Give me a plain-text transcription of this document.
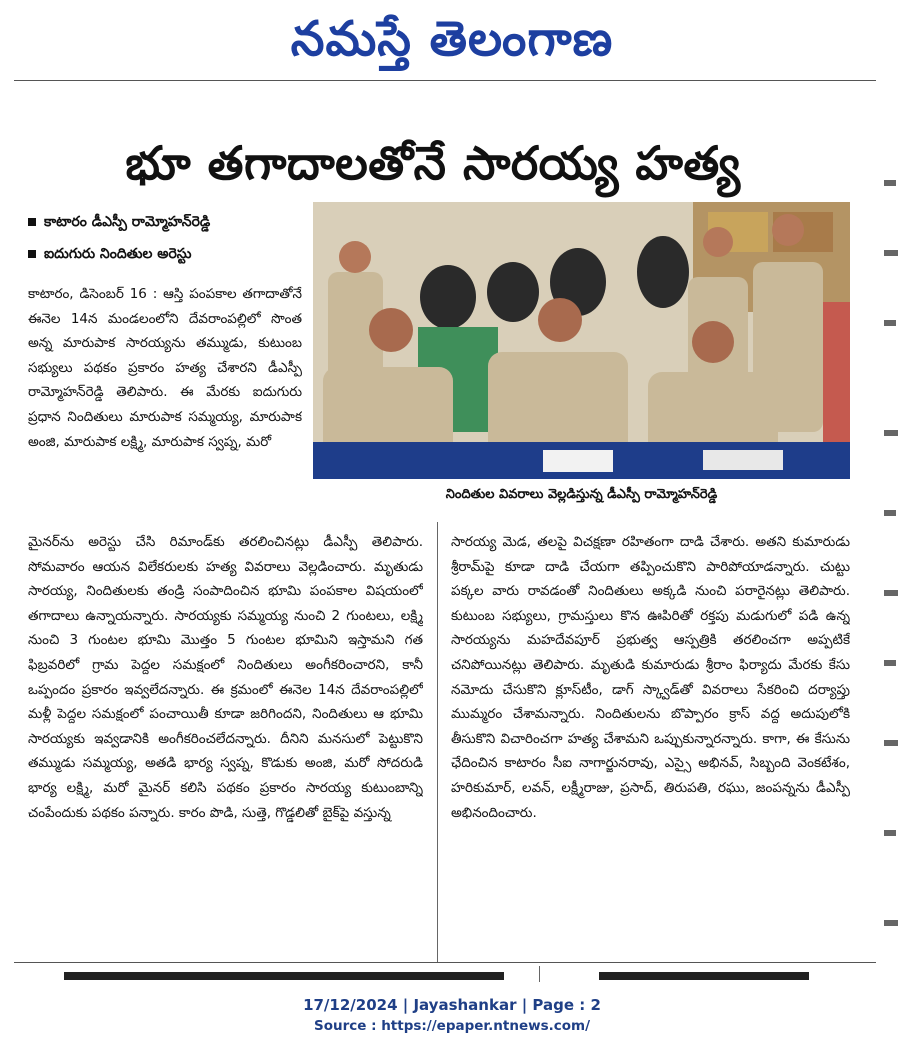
నమస్తే తెలంగాణ
భూ తగాదాలతోనే సారయ్య హత్య
కాటారం డీఎస్పీ రామ్మోహన్‌రెడ్డి
ఐదుగురు నిందితుల అరెస్టు

కాటారం, డిసెంబర్‌ 16 : ఆస్తి పంపకాల తగాదాతోనే ఈనెల 14న మండలంలోని దేవరాంపల్లిలో సొంత అన్న మారుపాక సారయ్యను తమ్ముడు, కుటుంబ సభ్యులు పథకం ప్రకారం హత్య చేశారని డీఎస్పీ రామ్మోహన్‌రెడ్డి తెలిపారు. ఈ మేరకు ఐదుగురు ప్రధాన నిందితులు మారుపాక సమ్మయ్య, మారుపాక అంజి, మారుపాక లక్ష్మి, మారుపాక స్వప్న, మరో

నిందితుల వివరాలు వెల్లడిస్తున్న డీఎస్పీ రామ్మోహన్‌రెడ్డి

మైనర్‌ను అరెస్టు చేసి రిమాండ్‌కు తరలించినట్లు డీఎస్పీ తెలిపారు. సోమవారం ఆయన విలేకరులకు హత్య వివరాలు వెల్లడించారు. మృతుడు సారయ్య, నిందితులకు తండ్రి సంపాదించిన భూమి పంపకాల విషయంలో తగాదాలు ఉన్నాయన్నారు. సారయ్యకు సమ్మయ్య నుంచి 2 గుంటలు, లక్ష్మి నుంచి 3 గుంటల భూమి మొత్తం 5 గుంటల భూమిని ఇస్తామని గత ఫిబ్రవరిలో గ్రామ పెద్దల సమక్షంలో నిందితులు అంగీకరించారని, కానీ ఒప్పందం ప్రకారం ఇవ్వలేదన్నారు. ఈ క్రమంలో ఈనెల 14న దేవరాంపల్లిలో మళ్లీ పెద్దల సమక్షంలో పంచాయితీ కూడా జరిగిందని, నిందితులు ఆ భూమి సారయ్యకు ఇవ్వడానికి అంగీకరించలేదన్నారు. దీనిని మనసులో పెట్టుకొని తమ్ముడు సమ్మయ్య, అతడి భార్య స్వప్న, కొడుకు అంజి, మరో సోదరుడి భార్య లక్ష్మి, మరో మైనర్‌ కలిసి పథకం ప్రకారం సారయ్య కుటుంబాన్ని చంపేందుకు పథకం పన్నారు. కారం పొడి, సుత్తె, గొడ్డలితో బైక్‌పై వస్తున్న

సారయ్య మెడ, తలపై విచక్షణా రహితంగా దాడి చేశారు. అతని కుమారుడు శ్రీరామ్‌పై కూడా దాడి చేయగా తప్పించుకొని పారిపోయాడన్నారు. చుట్టు పక్కల వారు రావడంతో నిందితులు అక్కడి నుంచి పరారైనట్లు తెలిపారు. కుటుంబ సభ్యులు, గ్రామస్తులు కొన ఊపిరితో రక్తపు మడుగులో పడి ఉన్న సారయ్యను మహదేవపూర్‌ ప్రభుత్వ ఆస్పత్రికి తరలించగా అప్పటికే చనిపోయినట్లు తెలిపారు. మృతుడి కుమారుడు శ్రీరాం ఫిర్యాదు మేరకు కేసు నమోదు చేసుకొని క్లూస్‌టీం, డాగ్‌ స్క్వాడ్‌తో వివరాలు సేకరించి దర్యాప్తు ముమ్మరం చేశామన్నారు. నిందితులను బొప్పారం క్రాస్‌ వద్ద అదుపులోకి తీసుకొని విచారించగా హత్య చేశామని ఒప్పుకున్నారన్నారు. కాగా, ఈ కేసును ఛేదించిన కాటారం సీఐ నాగార్జునరావు, ఎస్సై అభినవ్‌, సిబ్బంది వెంకటేశం, హరికుమార్‌, లవన్‌, లక్ష్మీరాజు, ప్రసాద్‌, తిరుపతి, రఘు, జంపన్నను డీఎస్పీ అభినందించారు.

17/12/2024 | Jayashankar | Page : 2
Source : https://epaper.ntnews.com/
